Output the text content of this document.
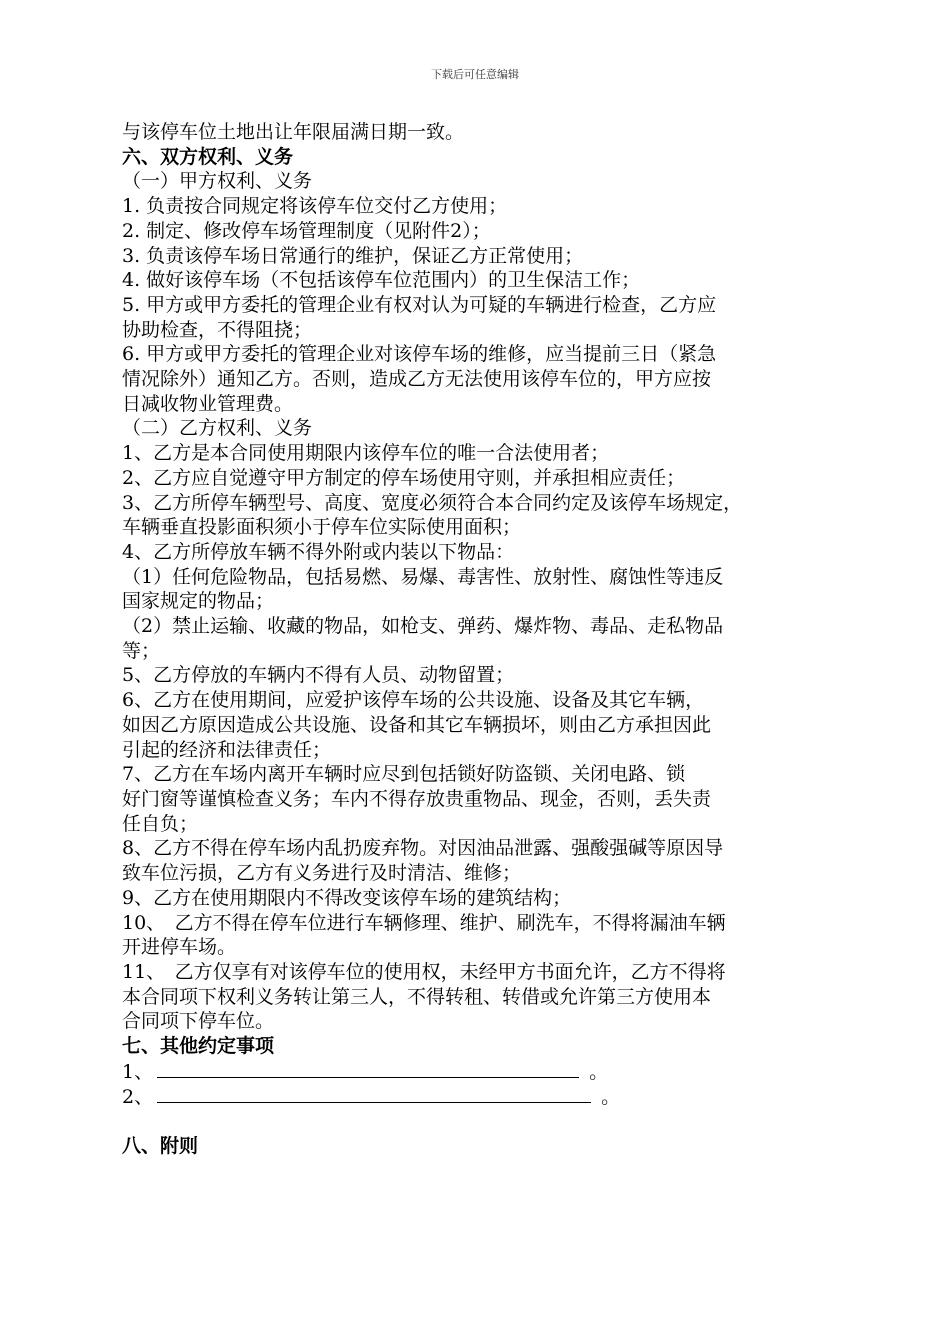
下载后可任意编辑
与该停车位土地出让年限届满日期一致。
六、双方权利、义务
（一）甲方权利、义务
1. 负责按合同规定将该停车位交付乙方使用；
2. 制定、修改停车场管理制度（见附件2）；
3. 负责该停车场日常通行的维护，保证乙方正常使用；
4. 做好该停车场（不包括该停车位范围内）的卫生保洁工作；
5. 甲方或甲方委托的管理企业有权对认为可疑的车辆进行检查，乙方应
协助检查，不得阻挠；
6. 甲方或甲方委托的管理企业对该停车场的维修，应当提前三日（紧急
情况除外）通知乙方。否则，造成乙方无法使用该停车位的，甲方应按
日减收物业管理费。
（二）乙方权利、义务
1、乙方是本合同使用期限内该停车位的唯一合法使用者；
2、乙方应自觉遵守甲方制定的停车场使用守则，并承担相应责任；
3、乙方所停车辆型号、高度、宽度必须符合本合同约定及该停车场规定，
车辆垂直投影面积须小于停车位实际使用面积；
4、乙方所停放车辆不得外附或内装以下物品：
（1）任何危险物品，包括易燃、易爆、毒害性、放射性、腐蚀性等违反
国家规定的物品；
（2）禁止运输、收藏的物品，如枪支、弹药、爆炸物、毒品、走私物品
等；
5、乙方停放的车辆内不得有人员、动物留置；
6、乙方在使用期间，应爱护该停车场的公共设施、设备及其它车辆，
如因乙方原因造成公共设施、设备和其它车辆损坏，则由乙方承担因此
引起的经济和法律责任；
7、乙方在车场内离开车辆时应尽到包括锁好防盗锁、关闭电路、锁
好门窗等谨慎检查义务；车内不得存放贵重物品、现金，否则，丢失责
任自负；
8、乙方不得在停车场内乱扔废弃物。对因油品泄露、强酸强碱等原因导
致车位污损，乙方有义务进行及时清洁、维修；
9、乙方在使用期限内不得改变该停车场的建筑结构；
10、　乙方不得在停车位进行车辆修理、维护、刷洗车，不得将漏油车辆
开进停车场。
11、　乙方仅享有对该停车位的使用权，未经甲方书面允许，乙方不得将
本合同项下权利义务转让第三人，不得转租、转借或允许第三方使用本
合同项下停车位。
七、其他约定事项
1、	。
2、	。
八、附则
